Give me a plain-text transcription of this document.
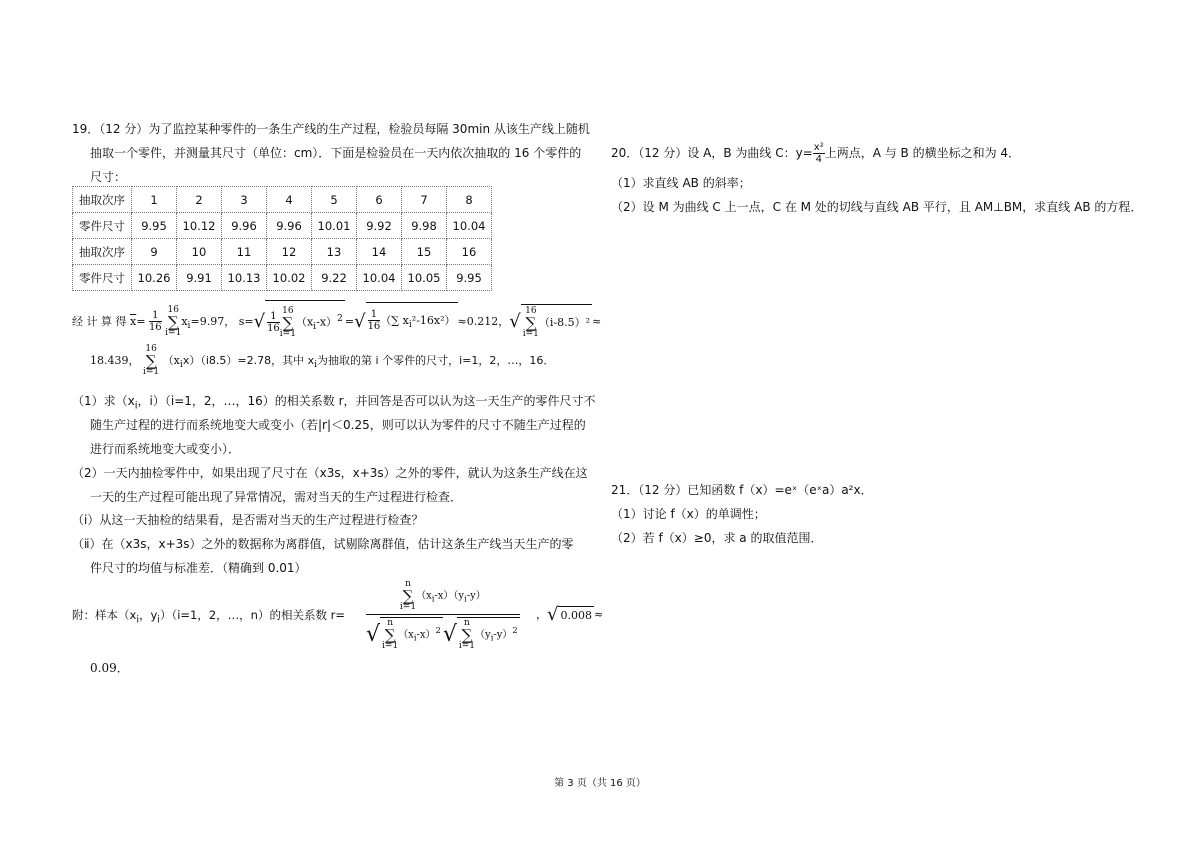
19．（12 分）为了监控某种零件的一条生产线的生产过程，检验员每隔 30min 从该生产线上随机
抽取一个零件，并测量其尺寸（单位：cm）．下面是检验员在一天内依次抽取的 16 个零件的
尺寸：
抽取次序	1	2	3	4	5	6	7	8
零件尺寸	9.95	10.12	9.96	9.96	10.01	9.92	9.98	10.04
抽取次序	9	10	11	12	13	14	15	16
零件尺寸	10.26	9.91	10.13	10.02	9.22	10.04	10.05	9.95
经 计 算 得 $\overline{x}= \frac{1}{16}$
16
∑
$i=1x_i=9.97$， $s=√ \frac{1}{16}$
16
∑
$i=1(x_i-x)^2$ =√ $\frac{1}{16}$ （∑ $x_i^2-16x^2) \approx 0.212$，√ 16
∑
i=1（i-8.5）² ≈
18.439， 16
∑
i=1 $(x_ix)(i8.5)=2.78$，其中 $x_i$为抽取的第 i 个零件的尺寸，i=1，2，…，16．
（1）求（$x_i$，i）（i=1，2，…，16）的相关系数 r，并回答是否可以认为这一天生产的零件尺寸不
随生产过程的进行而系统地变大或变小（若|r|＜0.25，则可以认为零件的尺寸不随生产过程的
进行而系统地变大或变小）．
（2）一天内抽检零件中，如果出现了尺寸在（x3s，x+3s）之外的零件，就认为这条生产线在这
一天的生产过程可能出现了异常情况，需对当天的生产过程进行检查．
（ⅰ）从这一天抽检的结果看，是否需对当天的生产过程进行检查？
（ⅱ）在（x3s，x+3s）之外的数据称为离群值，试剔除离群值，估计这条生产线当天生产的零
件尺寸的均值与标准差．（精确到 0.01）
附：样本（$x_i$，$y_i)(i=1$，2，…，n）的相关系数 r= n
∑
$i=1(x_i-x)(y_i-y)$
√ n
∑
$i=1(x_i-x)^2√$ n
∑
$i=1(y_i-y)^2$ ，√ 0.008 ≈
0.09．
20．（12 分）设 A，B 为曲线 C：$y= \frac{\text{x²}}{4}$ 上两点，A 与 B 的横坐标之和为 4．
（1）求直线 AB 的斜率；
（2）设 M 为曲线 C 上一点，C 在 M 处的切线与直线 AB 平行，且 AM⊥BM，求直线 AB 的方程．
21．（12 分）已知函数 f（x）=eˣ（eˣa）a²x．
（1）讨论 f（x）的单调性；
（2）若 f（x）≥0，求 a 的取值范围．
第 3 页（共 16 页）
